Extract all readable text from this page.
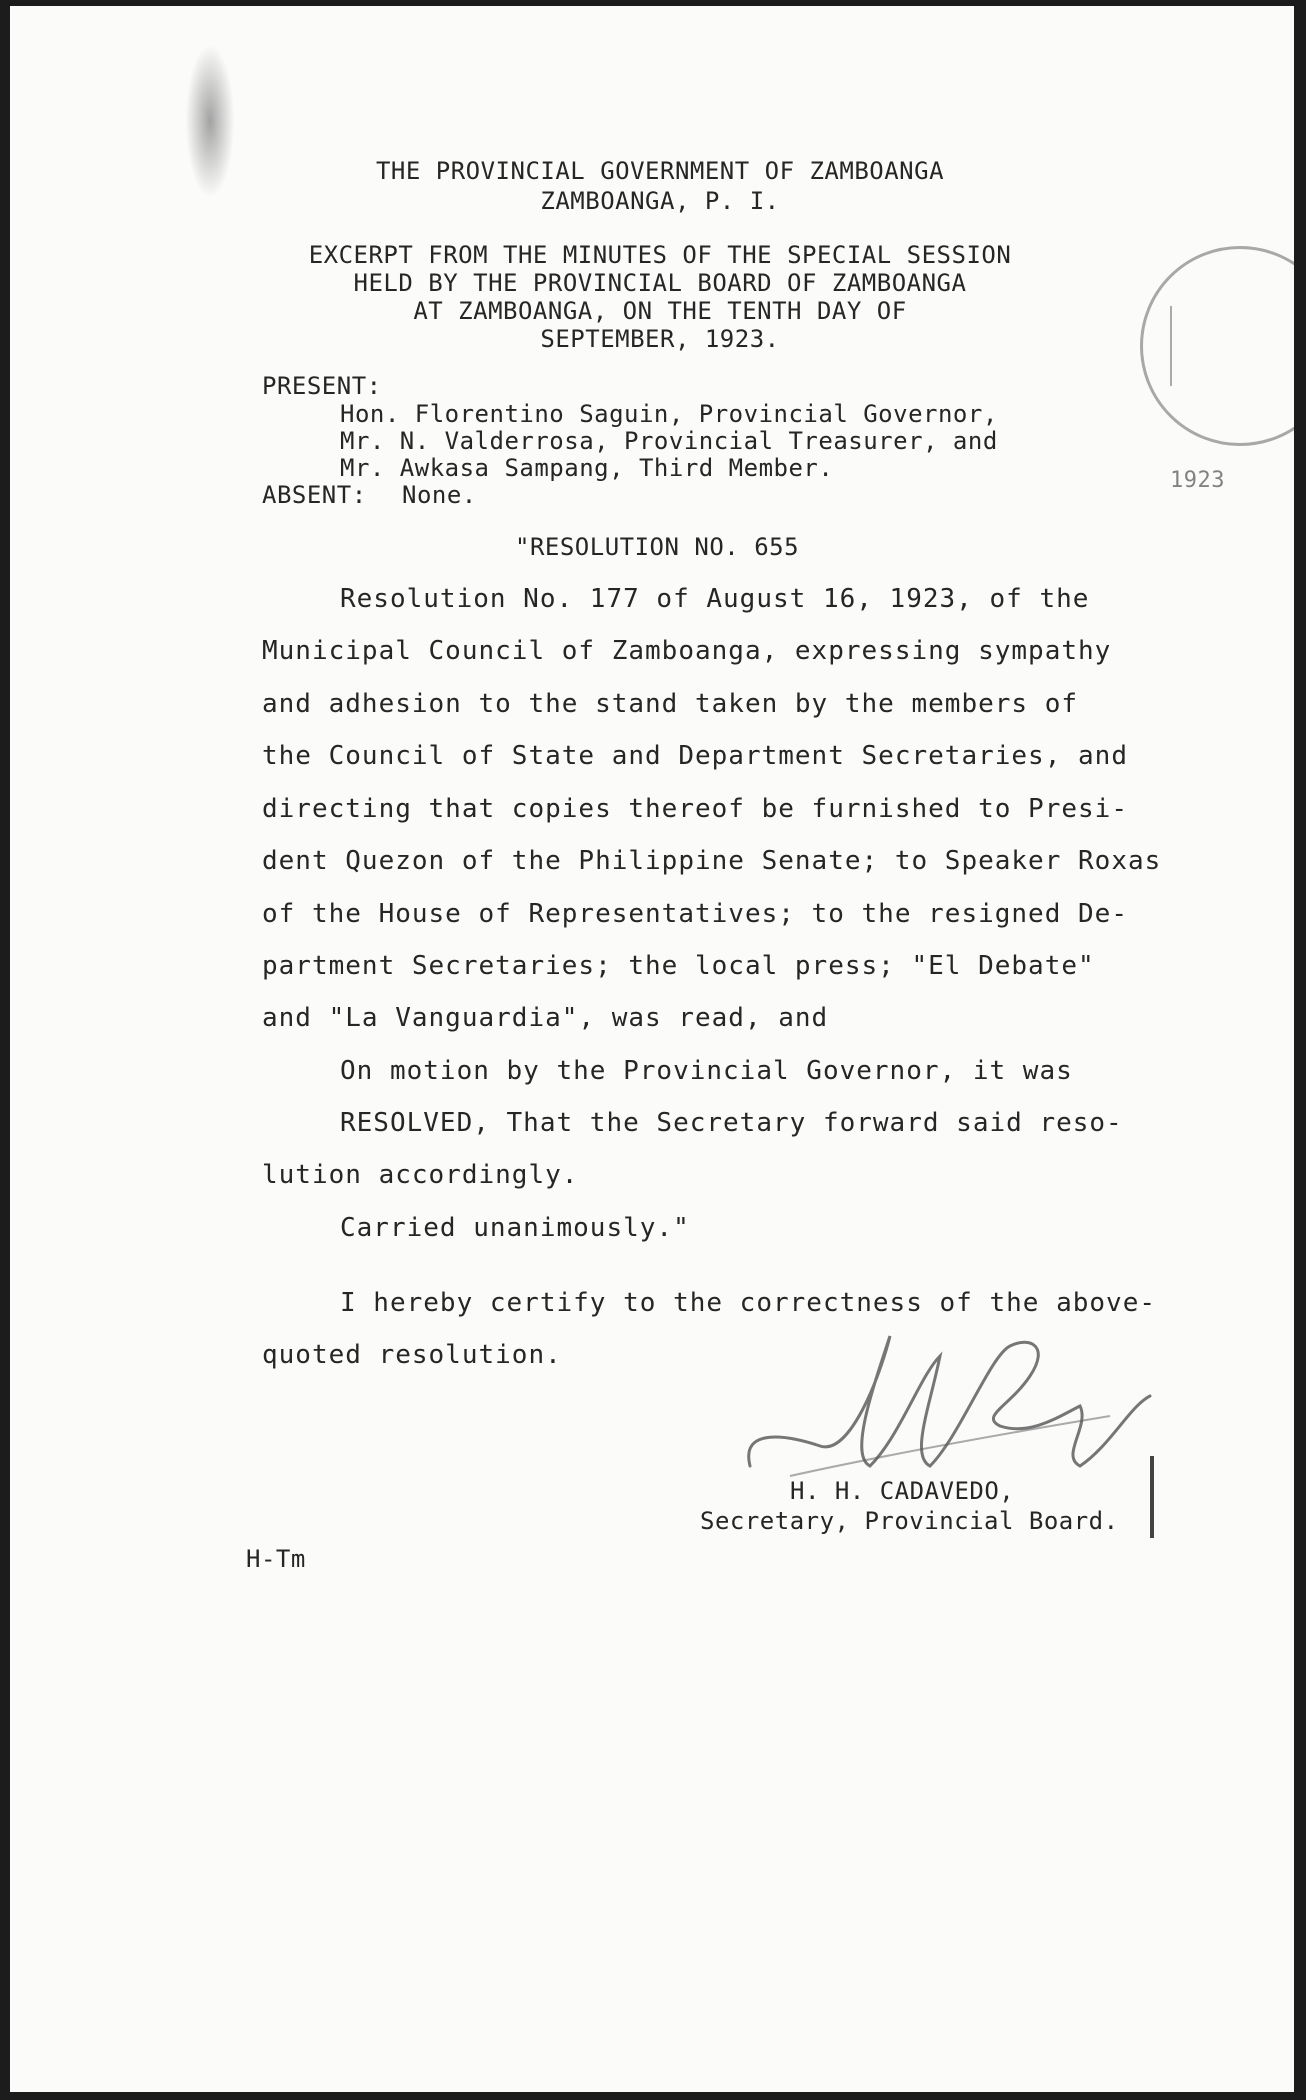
1923
THE PROVINCIAL GOVERNMENT OF ZAMBOANGA
ZAMBOANGA, P. I.
EXCERPT FROM THE MINUTES OF THE SPECIAL SESSION
HELD BY THE PROVINCIAL BOARD OF ZAMBOANGA
AT ZAMBOANGA, ON THE TENTH DAY OF
SEPTEMBER, 1923.
PRESENT:
Hon. Florentino Saguin, Provincial Governor,
Mr. N. Valderrosa, Provincial Treasurer, and
Mr. Awkasa Sampang, Third Member.
ABSENT: None.
"RESOLUTION NO. 655
Resolution No. 177 of August 16, 1923, of the
Municipal Council of Zamboanga, expressing sympathy
and adhesion to the stand taken by the members of
the Council of State and Department Secretaries, and
directing that copies thereof be furnished to Presi-
dent Quezon of the Philippine Senate; to Speaker Roxas
of the House of Representatives; to the resigned De-
partment Secretaries; the local press; "El Debate"
and "La Vanguardia", was read, and
On motion by the Provincial Governor, it was
RESOLVED, That the Secretary forward said reso-
lution accordingly.
Carried unanimously."
I hereby certify to the correctness of the above-
quoted resolution.
H. H. CADAVEDO,
Secretary, Provincial Board.
H-Tm
